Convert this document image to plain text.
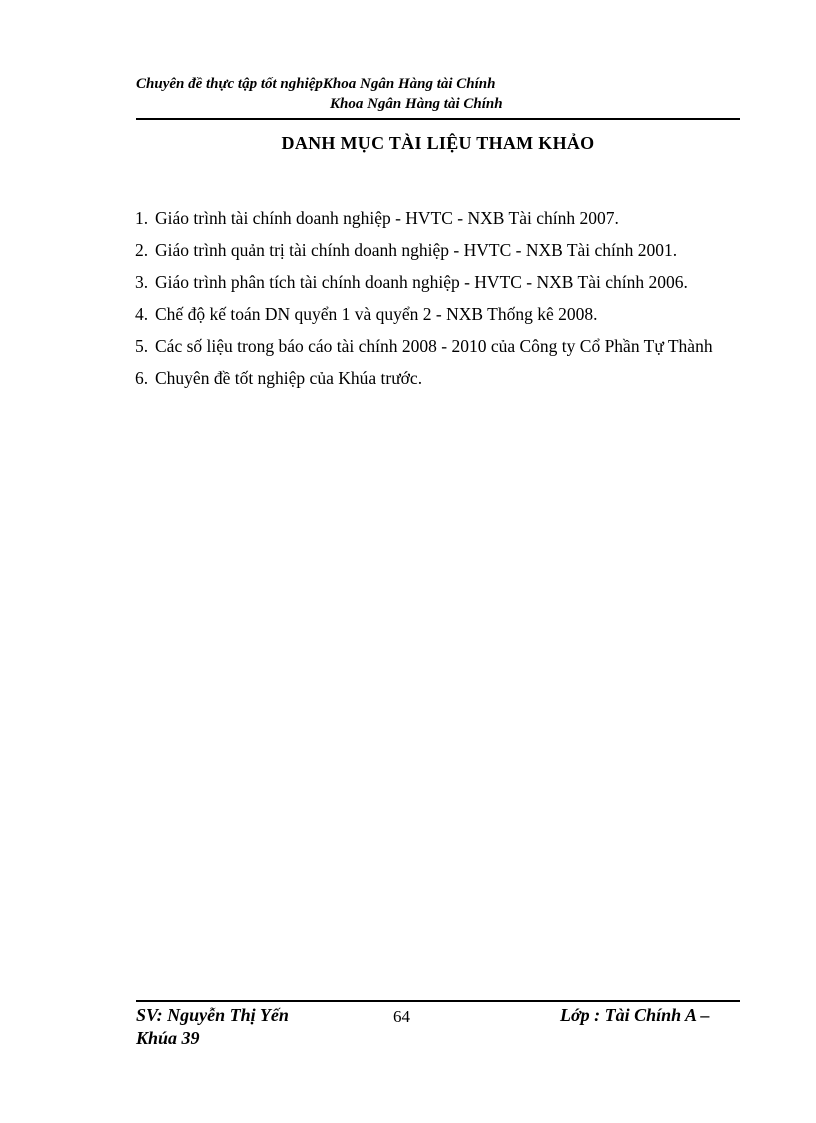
Chuyên đề thực tập tốt nghiệpKhoa Ngân Hàng tài Chính
Khoa Ngân Hàng tài Chính
DANH MỤC TÀI LIỆU THAM KHẢO
1. Giáo trình tài chính doanh nghiệp - HVTC - NXB Tài chính 2007.
2. Giáo trình quản trị tài chính doanh nghiệp - HVTC - NXB Tài chính 2001.
3. Giáo trình phân tích tài chính doanh nghiệp - HVTC - NXB Tài chính 2006.
4. Chế độ kế toán DN quyển 1 và quyển 2 - NXB Thống kê 2008.
5. Các số liệu trong báo cáo tài chính 2008 - 2010 của Công ty Cổ Phần Tự Thành
6. Chuyên đề tốt nghiệp của Khúa trước.
SV: Nguyễn Thị Yến
Khúa 39
64	Lớp : Tài Chính A –
